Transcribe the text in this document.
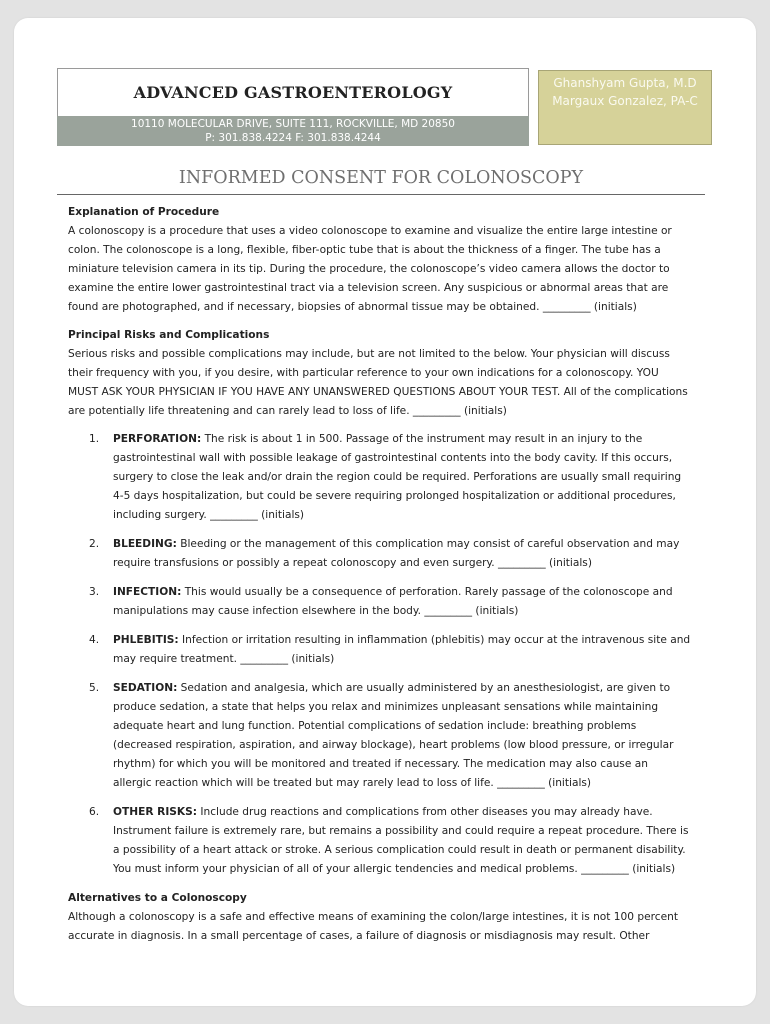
ADVANCED GASTROENTEROLOGY
10110 MOLECULAR DRIVE, SUITE 111, ROCKVILLE, MD 20850
P: 301.838.4224 F: 301.838.4244
Ghanshyam Gupta, M.D
Margaux Gonzalez, PA-C
INFORMED CONSENT FOR COLONOSCOPY

Explanation of Procedure

A colonoscopy is a procedure that uses a video colonoscope to examine and visualize the entire large intestine or
colon. The colonoscope is a long, flexible, fiber-optic tube that is about the thickness of a finger. The tube has a
miniature television camera in its tip. During the procedure, the colonoscope’s video camera allows the doctor to
examine the entire lower gastrointestinal tract via a television screen. Any suspicious or abnormal areas that are
found are photographed, and if necessary, biopsies of abnormal tissue may be obtained. _________ (initials)

Principal Risks and Complications

Serious risks and possible complications may include, but are not limited to the below. Your physician will discuss
their frequency with you, if you desire, with particular reference to your own indications for a colonoscopy. YOU
MUST ASK YOUR PHYSICIAN IF YOU HAVE ANY UNANSWERED QUESTIONS ABOUT YOUR TEST. All of the complications
are potentially life threatening and can rarely lead to loss of life. _________ (initials)
1. PERFORATION: The risk is about 1 in 500. Passage of the instrument may result in an injury to the
gastrointestinal wall with possible leakage of gastrointestinal contents into the body cavity. If this occurs,
surgery to close the leak and/or drain the region could be required. Perforations are usually small requiring
4-5 days hospitalization, but could be severe requiring prolonged hospitalization or additional procedures,
including surgery. _________ (initials)
2. BLEEDING: Bleeding or the management of this complication may consist of careful observation and may
require transfusions or possibly a repeat colonoscopy and even surgery. _________ (initials)
3. INFECTION: This would usually be a consequence of perforation. Rarely passage of the colonoscope and
manipulations may cause infection elsewhere in the body. _________ (initials)
4. PHLEBITIS: Infection or irritation resulting in inflammation (phlebitis) may occur at the intravenous site and
may require treatment. _________ (initials)
5. SEDATION: Sedation and analgesia, which are usually administered by an anesthesiologist, are given to
produce sedation, a state that helps you relax and minimizes unpleasant sensations while maintaining
adequate heart and lung function. Potential complications of sedation include: breathing problems
(decreased respiration, aspiration, and airway blockage), heart problems (low blood pressure, or irregular
rhythm) for which you will be monitored and treated if necessary. The medication may also cause an
allergic reaction which will be treated but may rarely lead to loss of life. _________ (initials)
6. OTHER RISKS: Include drug reactions and complications from other diseases you may already have.
Instrument failure is extremely rare, but remains a possibility and could require a repeat procedure. There is
a possibility of a heart attack or stroke. A serious complication could result in death or permanent disability.
You must inform your physician of all of your allergic tendencies and medical problems. _________ (initials)

Alternatives to a Colonoscopy

Although a colonoscopy is a safe and effective means of examining the colon/large intestines, it is not 100 percent
accurate in diagnosis. In a small percentage of cases, a failure of diagnosis or misdiagnosis may result. Other
